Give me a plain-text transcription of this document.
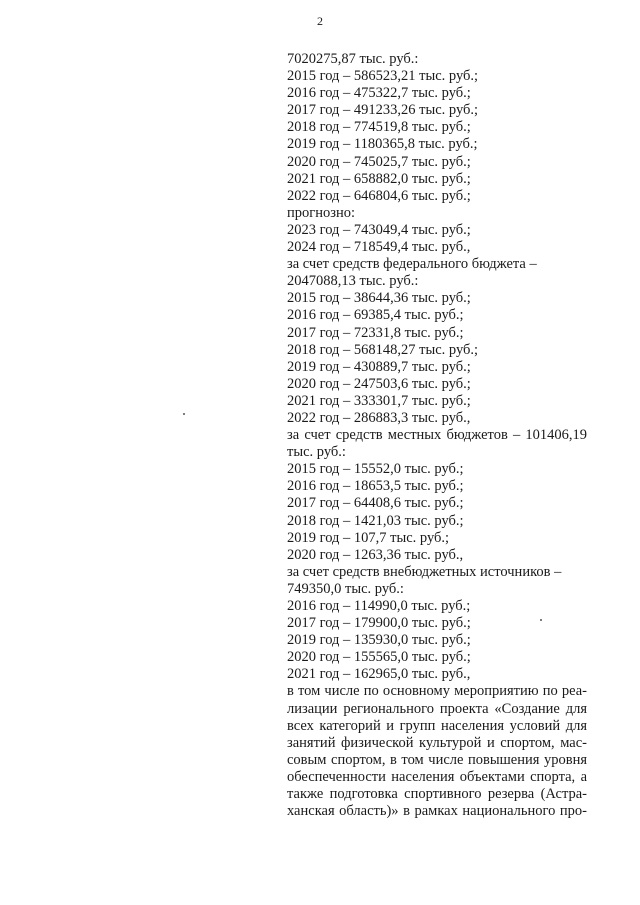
2
7020275,87 тыс. руб.:
2015 год – 586523,21 тыс. руб.;
2016 год – 475322,7 тыс. руб.;
2017 год – 491233,26 тыс. руб.;
2018 год – 774519,8 тыс. руб.;
2019 год – 1180365,8 тыс. руб.;
2020 год – 745025,7 тыс. руб.;
2021 год – 658882,0 тыс. руб.;
2022 год – 646804,6 тыс. руб.;
прогнозно:
2023 год – 743049,4 тыс. руб.;
2024 год – 718549,4 тыс. руб.,
за счет средств федерального бюджета –
2047088,13 тыс. руб.:
2015 год – 38644,36 тыс. руб.;
2016 год – 69385,4 тыс. руб.;
2017 год – 72331,8 тыс. руб.;
2018 год – 568148,27 тыс. руб.;
2019 год – 430889,7 тыс. руб.;
2020 год – 247503,6 тыс. руб.;
2021 год – 333301,7 тыс. руб.;
2022 год – 286883,3 тыс. руб.,
за счет средств местных бюджетов – 101406,19
тыс. руб.:
2015 год – 15552,0 тыс. руб.;
2016 год – 18653,5 тыс. руб.;
2017 год – 64408,6 тыс. руб.;
2018 год – 1421,03 тыс. руб.;
2019 год – 107,7 тыс. руб.;
2020 год – 1263,36 тыс. руб.,
за счет средств внебюджетных источников –
749350,0 тыс. руб.:
2016 год – 114990,0 тыс. руб.;
2017 год – 179900,0 тыс. руб.;
2019 год – 135930,0 тыс. руб.;
2020 год – 155565,0 тыс. руб.;
2021 год – 162965,0 тыс. руб.,
в том числе по основному мероприятию по реа-
лизации регионального проекта «Создание для
всех категорий и групп населения условий для
занятий физической культурой и спортом, мас-
совым спортом, в том числе повышения уровня
обеспеченности населения объектами спорта, а
также подготовка спортивного резерва (Астра-
ханская область)» в рамках национального про-
